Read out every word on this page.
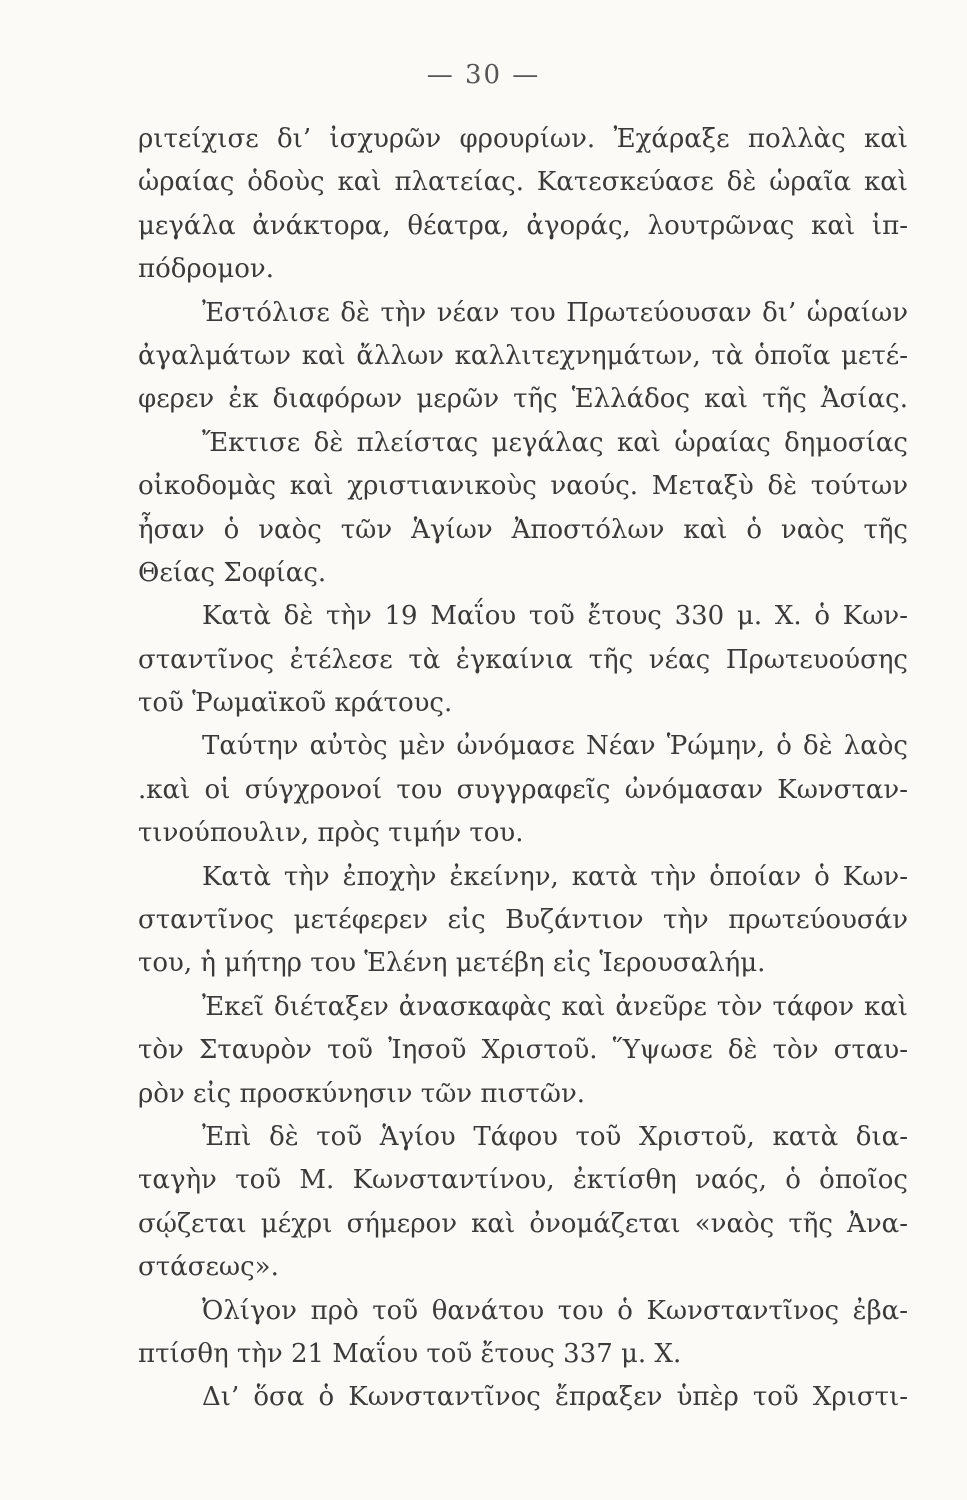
— 30 —
ριτείχισε δι’ ἰσχυρῶν φρουρίων. Ἐχάραξε πολλὰς καὶ
ὡραίας ὁδοὺς καὶ πλατείας. Κατεσκεύασε δὲ ὡραῖα καὶ
μεγάλα ἀνάκτορα, θέατρα, ἀγοράς, λουτρῶνας καὶ ἱπ-
πόδρομον.
Ἐστόλισε δὲ τὴν νέαν του Πρωτεύουσαν δι’ ὡραίων
ἀγαλμάτων καὶ ἄλλων καλλιτεχνημάτων, τὰ ὁποῖα μετέ-
φερεν ἐκ διαφόρων μερῶν τῆς Ἑλλάδος καὶ τῆς Ἀσίας.
Ἔκτισε δὲ πλείστας μεγάλας καὶ ὡραίας δημοσίας
οἰκοδομὰς καὶ χριστιανικοὺς ναούς. Μεταξὺ δὲ τούτων
ἦσαν ὁ ναὸς τῶν Ἁγίων Ἀποστόλων καὶ ὁ ναὸς τῆς
Θείας Σοφίας.
Κατὰ δὲ τὴν 19 Μαΐου τοῦ ἔτους 330 μ. Χ. ὁ Κων-
σταντῖνος ἐτέλεσε τὰ ἐγκαίνια τῆς νέας Πρωτευούσης
τοῦ Ῥωμαϊκοῦ κράτους.
Ταύτην αὐτὸς μὲν ὠνόμασε Νέαν Ῥώμην, ὁ δὲ λαὸς
.καὶ οἱ σύγχρονοί του συγγραφεῖς ὠνόμασαν Κωνσταν-
τινούπουλιν, πρὸς τιμήν του.
Κατὰ τὴν ἐποχὴν ἐκείνην, κατὰ τὴν ὁποίαν ὁ Κων-
σταντῖνος μετέφερεν εἰς Βυζάντιον τὴν πρωτεύουσάν
του, ἡ μήτηρ του Ἑλένη μετέβη εἰς Ἱερουσαλήμ.
Ἐκεῖ διέταξεν ἀνασκαφὰς καὶ ἀνεῦρε τὸν τάφον καὶ
τὸν Σταυρὸν τοῦ Ἰησοῦ Χριστοῦ. Ὕψωσε δὲ τὸν σταυ-
ρὸν εἰς προσκύνησιν τῶν πιστῶν.
Ἐπὶ δὲ τοῦ Ἁγίου Τάφου τοῦ Χριστοῦ, κατὰ δια-
ταγὴν τοῦ Μ. Κωνσταντίνου, ἐκτίσθη ναός, ὁ ὁποῖος
σῴζεται μέχρι σήμερον καὶ ὀνομάζεται «ναὸς τῆς Ἀνα-
στάσεως».
Ὀλίγον πρὸ τοῦ θανάτου του ὁ Κωνσταντῖνος ἐβα-
πτίσθη τὴν 21 Μαΐου τοῦ ἔτους 337 μ. Χ.
Δι’ ὅσα ὁ Κωνσταντῖνος ἔπραξεν ὑπὲρ τοῦ Χριστι-
